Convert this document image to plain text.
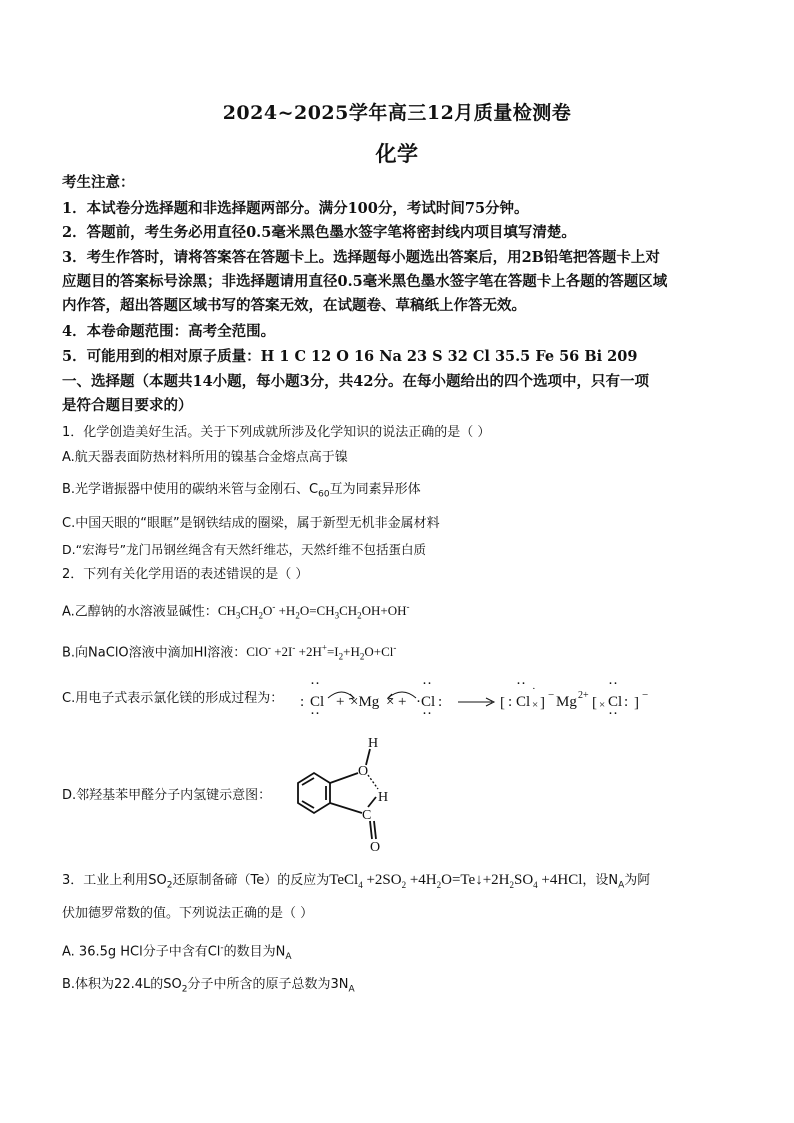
2024~2025学年高三12月质量检测卷
化学
考生注意：
1．本试卷分选择题和非选择题两部分。满分100分，考试时间75分钟。
2．答题前，考生务必用直径0.5毫米黑色墨水签字笔将密封线内项目填写清楚。
3．考生作答时，请将答案答在答题卡上。选择题每小题选出答案后，用2B铅笔把答题卡上对
应题目的答案标号涂黑；非选择题请用直径0.5毫米黑色墨水签字笔在答题卡上各题的答题区域
内作答，超出答题区域书写的答案无效，在试题卷、草稿纸上作答无效。
4．本卷命题范围：高考全范围。
5．可能用到的相对原子质量：H 1 C 12 O 16 Na 23 S 32 Cl 35.5 Fe 56 Bi 209
一、选择题（本题共14小题，每小题3分，共42分。在每小题给出的四个选项中，只有一项
是符合题目要求的）
1．化学创造美好生活。关于下列成就所涉及化学知识的说法正确的是（ ）
A.航天器表面防热材料所用的镍基合金熔点高于镍
B.光学谐振器中使用的碳纳米管与金刚石、$C_{60}$互为同素异形体
C.中国天眼的“眼眶”是钢铁结成的圈梁，属于新型无机非金属材料
D.“宏海号”龙门吊钢丝绳含有天然纤维芯，天然纤维不包括蛋白质
2．下列有关化学用语的表述错误的是（ ）
A.乙醇钠的水溶液显碱性：$CH_3CH_2O^- +H_2O=CH_3CH_2OH+OH^-$
B.向NaClO溶液中滴加HI溶液：$ClO^- +2I^- +2H^+=I_2+H_2O+Cl^-$
C.用电子式表示氯化镁的形成过程为：	: Cl
··
··
+ ×Mg × + ·Cl :
··
··
[ : Cl
··
×
·
] − Mg 2+ [ × Cl :
··
··
] −
D.邻羟基苯甲醛分子内氢键示意图：
H
O
H
C
O
3．工业上利用$SO_2$还原制备碲（Te）的反应为TeCl$_4$ $+2SO_2$ $+4H_2O=Te↓+2H_2SO_4 +4HCl$，设$N_A$为阿
伏加德罗常数的值。下列说法正确的是（ ）
A. 36.5g HCl分子中含有Cl-的数目为$N_A$
B.体积为22.4L的$SO_2$分子中所含的原子总数为$3N_A$
